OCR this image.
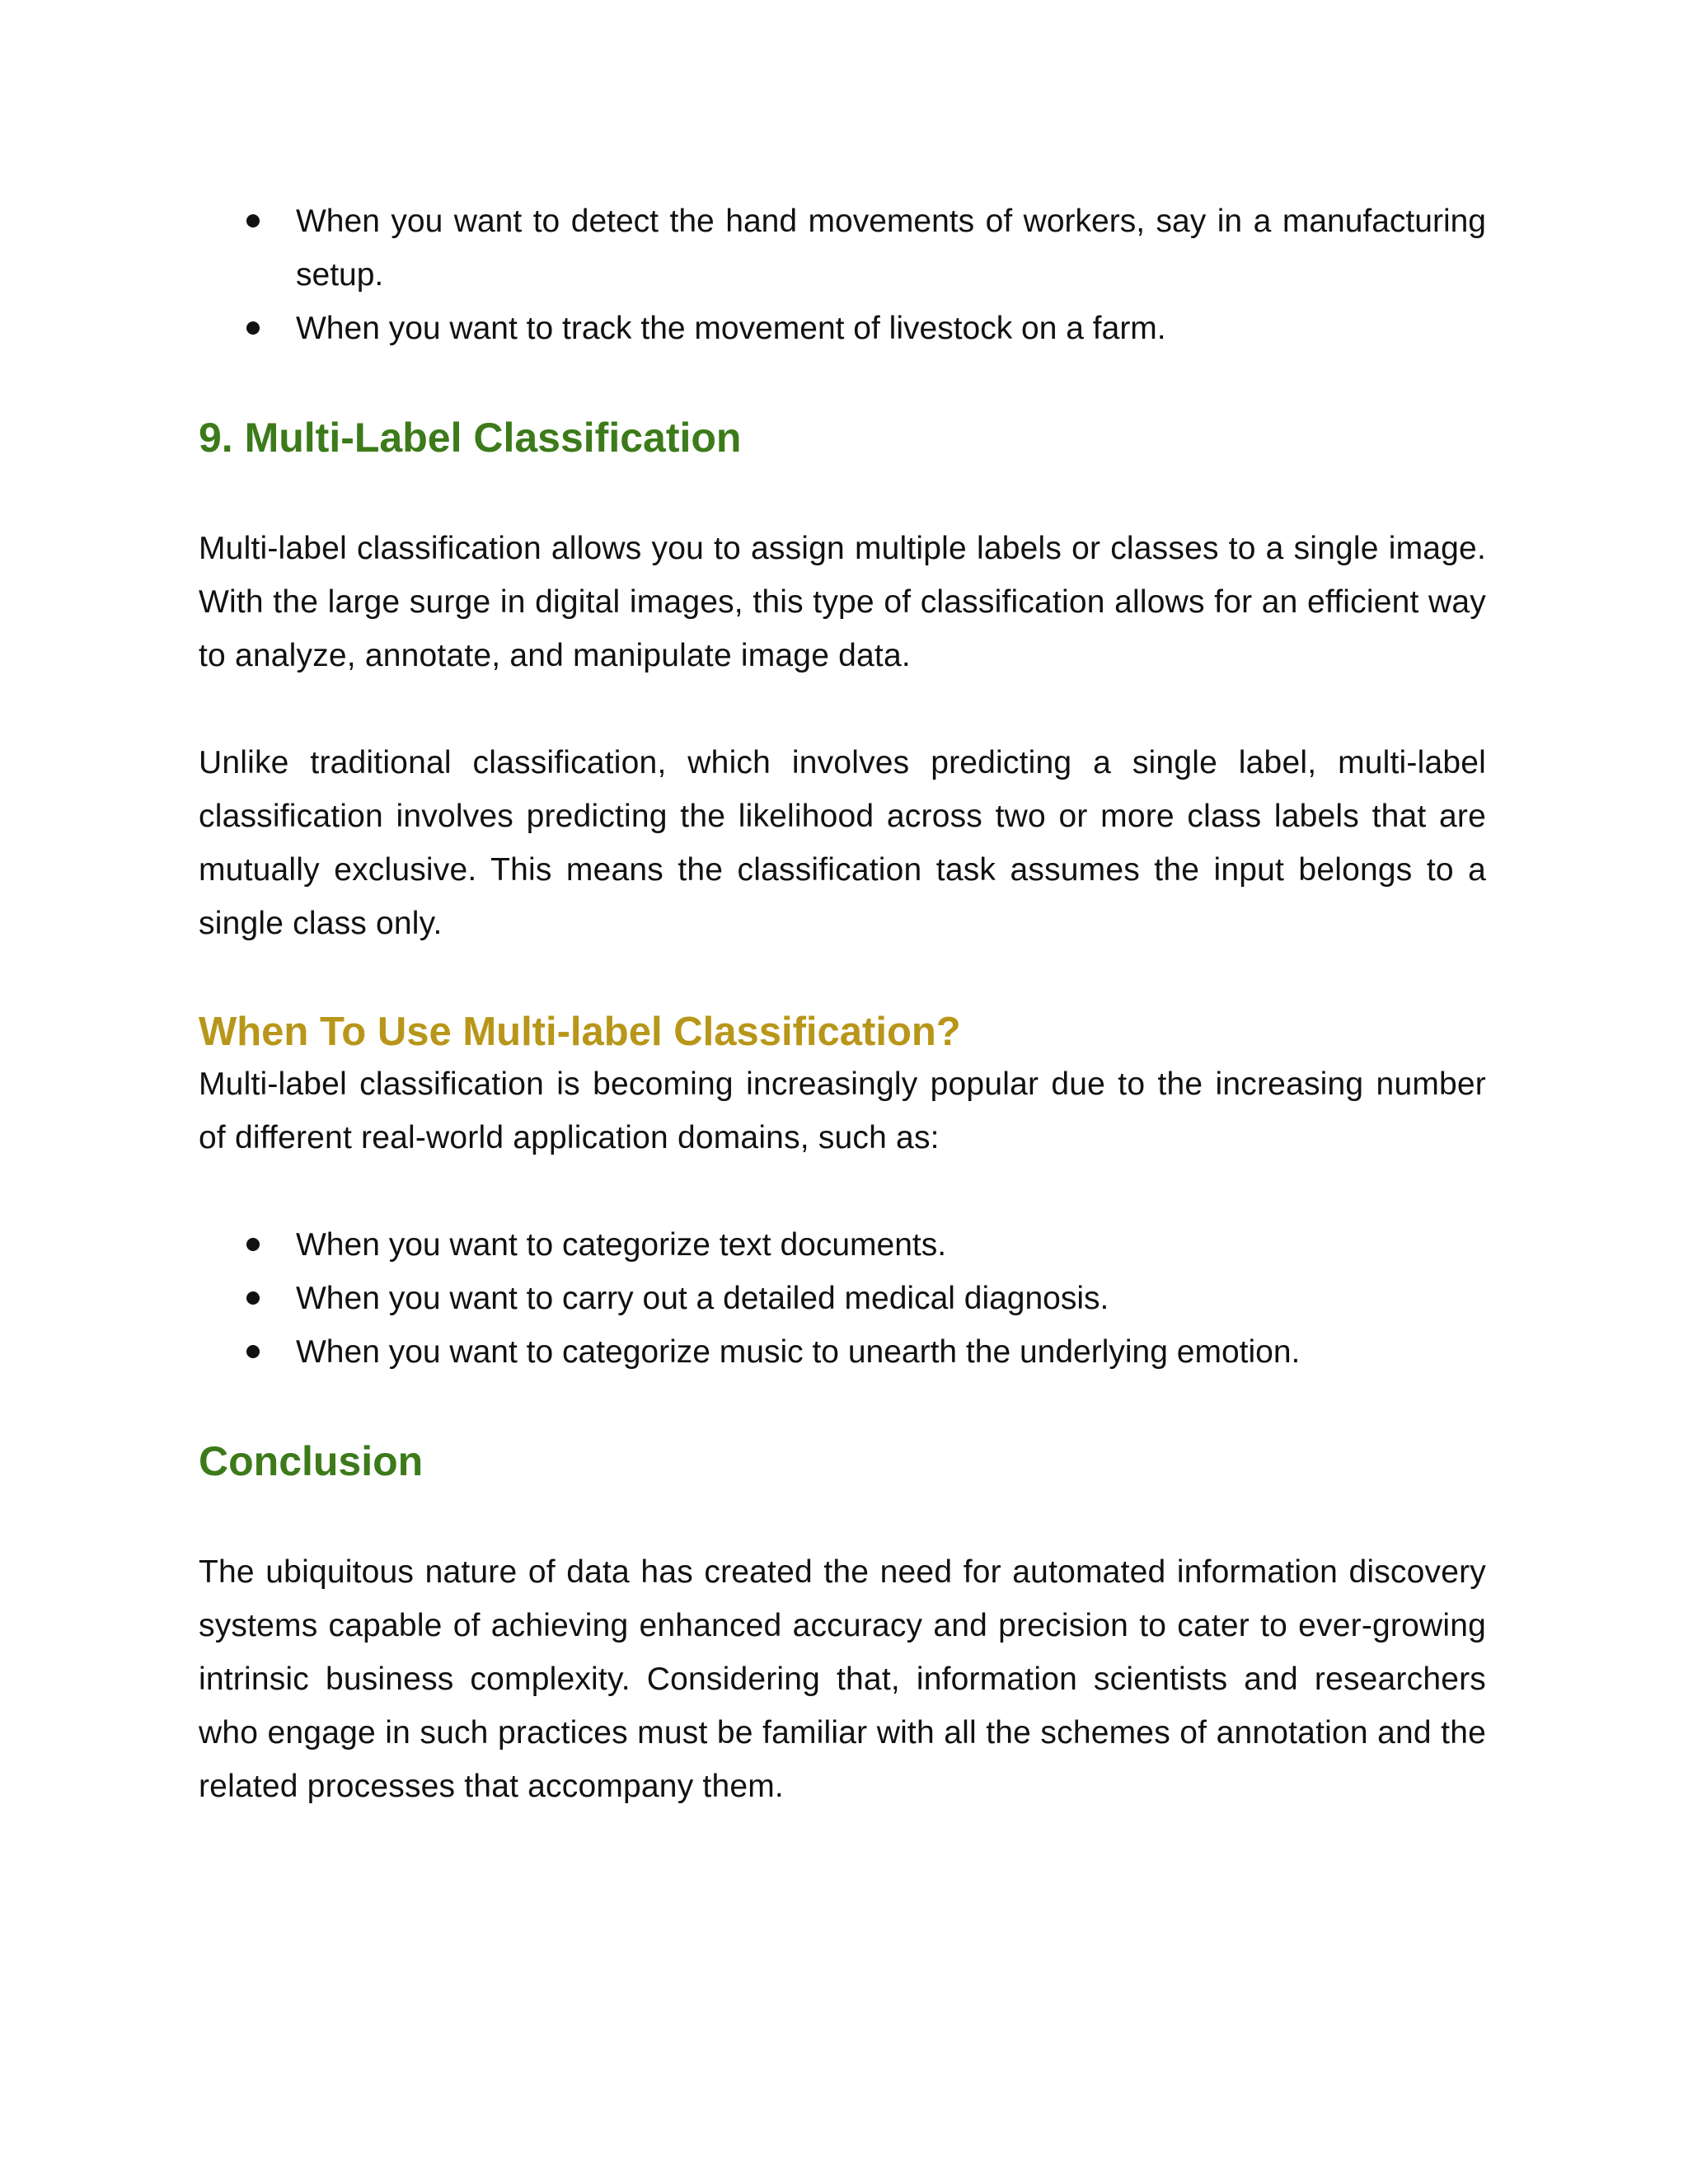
When you want to detect the hand movements of workers, say in a manufacturing setup.
When you want to track the movement of livestock on a farm.
9. Multi-Label Classification

Multi-label classification allows you to assign multiple labels or classes to a single image. With the large surge in digital images, this type of classification allows for an efficient way to analyze, annotate, and manipulate image data.

Unlike traditional classification, which involves predicting a single label, multi-label classification involves predicting the likelihood across two or more class labels that are mutually exclusive. This means the classification task assumes the input belongs to a single class only.

When To Use Multi-label Classification?

Multi-label classification is becoming increasingly popular due to the increasing number of different real-world application domains, such as:

When you want to categorize text documents.
When you want to carry out a detailed medical diagnosis.
When you want to categorize music to unearth the underlying emotion.
Conclusion

The ubiquitous nature of data has created the need for automated information discovery systems capable of achieving enhanced accuracy and precision to cater to ever-growing intrinsic business complexity. Considering that, information scientists and researchers who engage in such practices must be familiar with all the schemes of annotation and the related processes that accompany them.
